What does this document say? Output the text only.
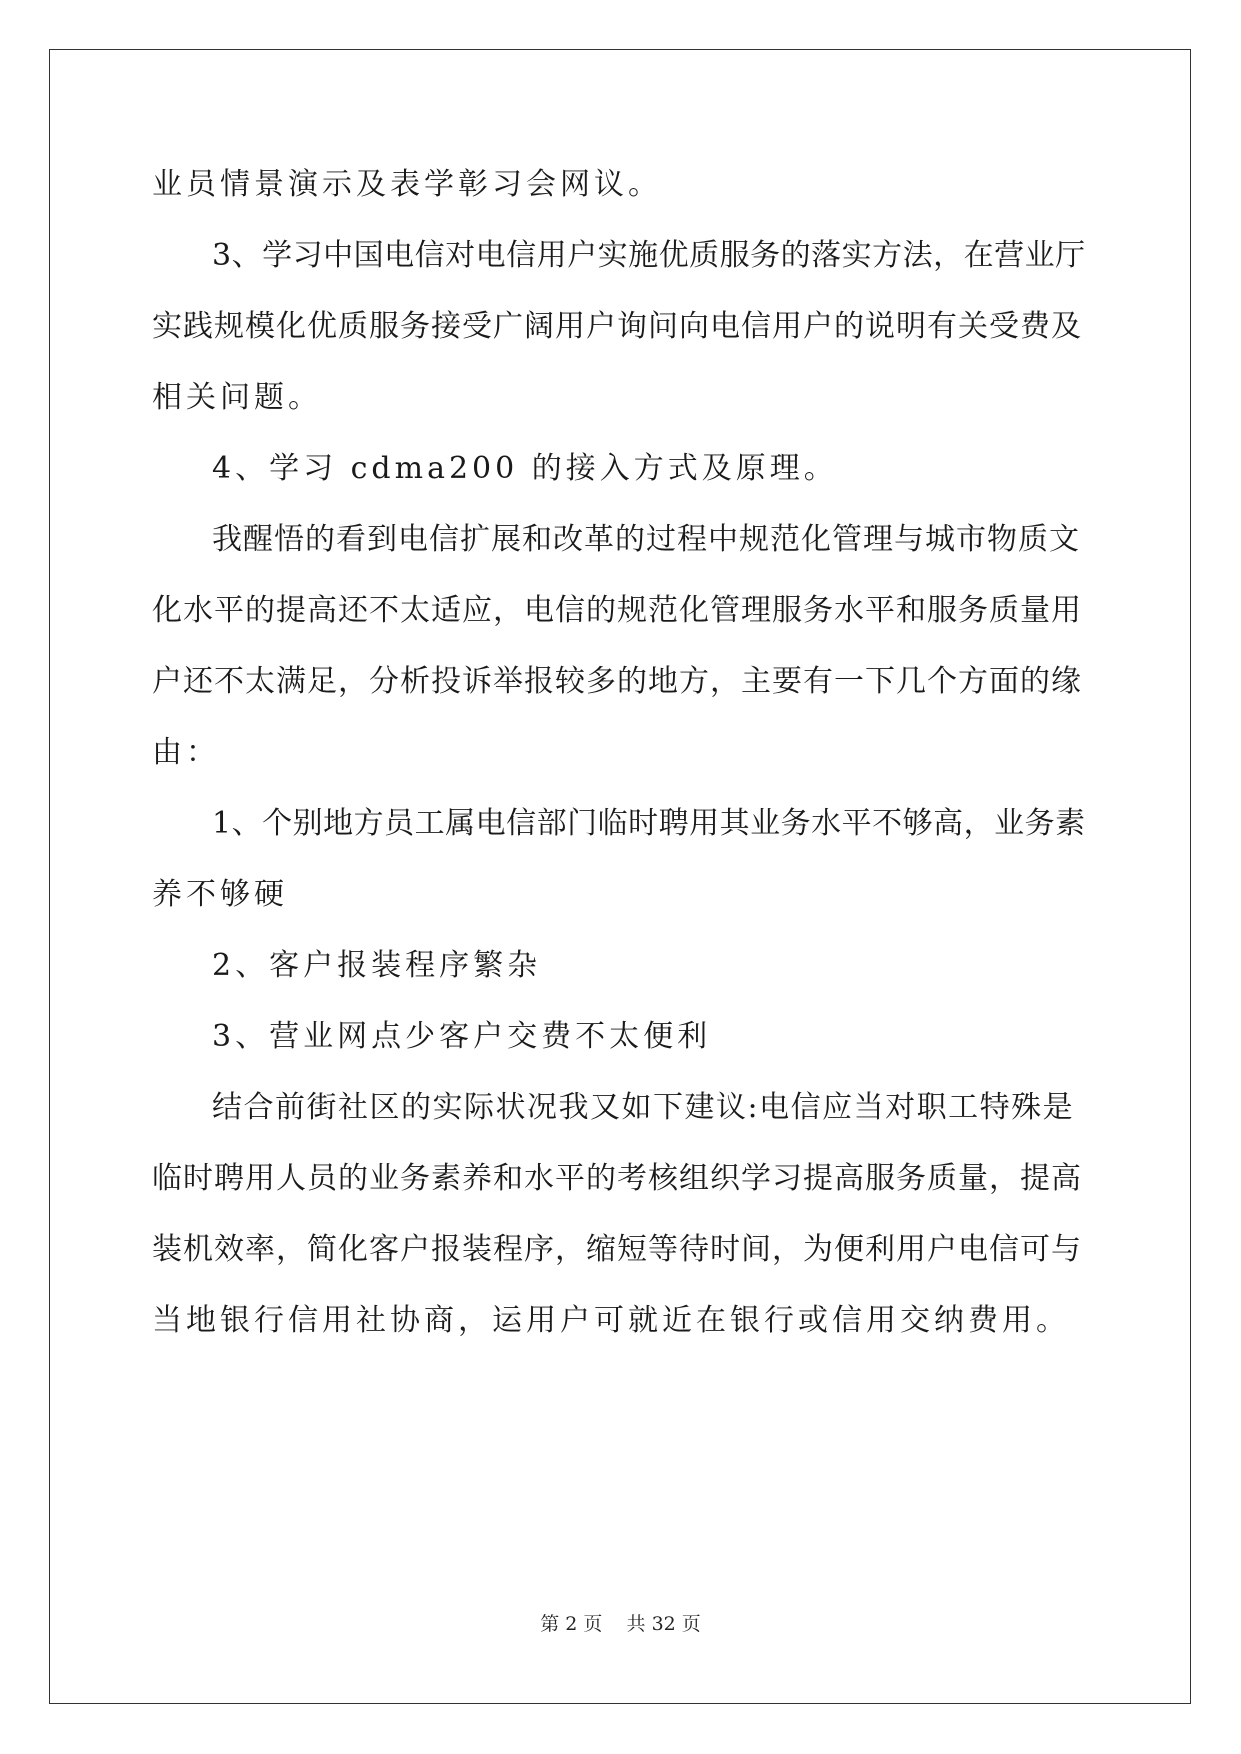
业员情景演示及表学彰习会网议。
3、学习中国电信对电信用户实施优质服务的落实方法，在营业厅
实践规模化优质服务接受广阔用户询问向电信用户的说明有关受费及
相关问题。
4、学习 cdma200 的接入方式及原理。
我醒悟的看到电信扩展和改革的过程中规范化管理与城市物质文
化水平的提高还不太适应，电信的规范化管理服务水平和服务质量用
户还不太满足，分析投诉举报较多的地方，主要有一下几个方面的缘
由：
1、个别地方员工属电信部门临时聘用其业务水平不够高，业务素
养不够硬
2、客户报装程序繁杂
3、营业网点少客户交费不太便利
结合前街社区的实际状况我又如下建议:电信应当对职工特殊是
临时聘用人员的业务素养和水平的考核组织学习提高服务质量，提高
装机效率，简化客户报装程序，缩短等待时间，为便利用户电信可与
当地银行信用社协商，运用户可就近在银行或信用交纳费用。
第 2 页 共 32 页
